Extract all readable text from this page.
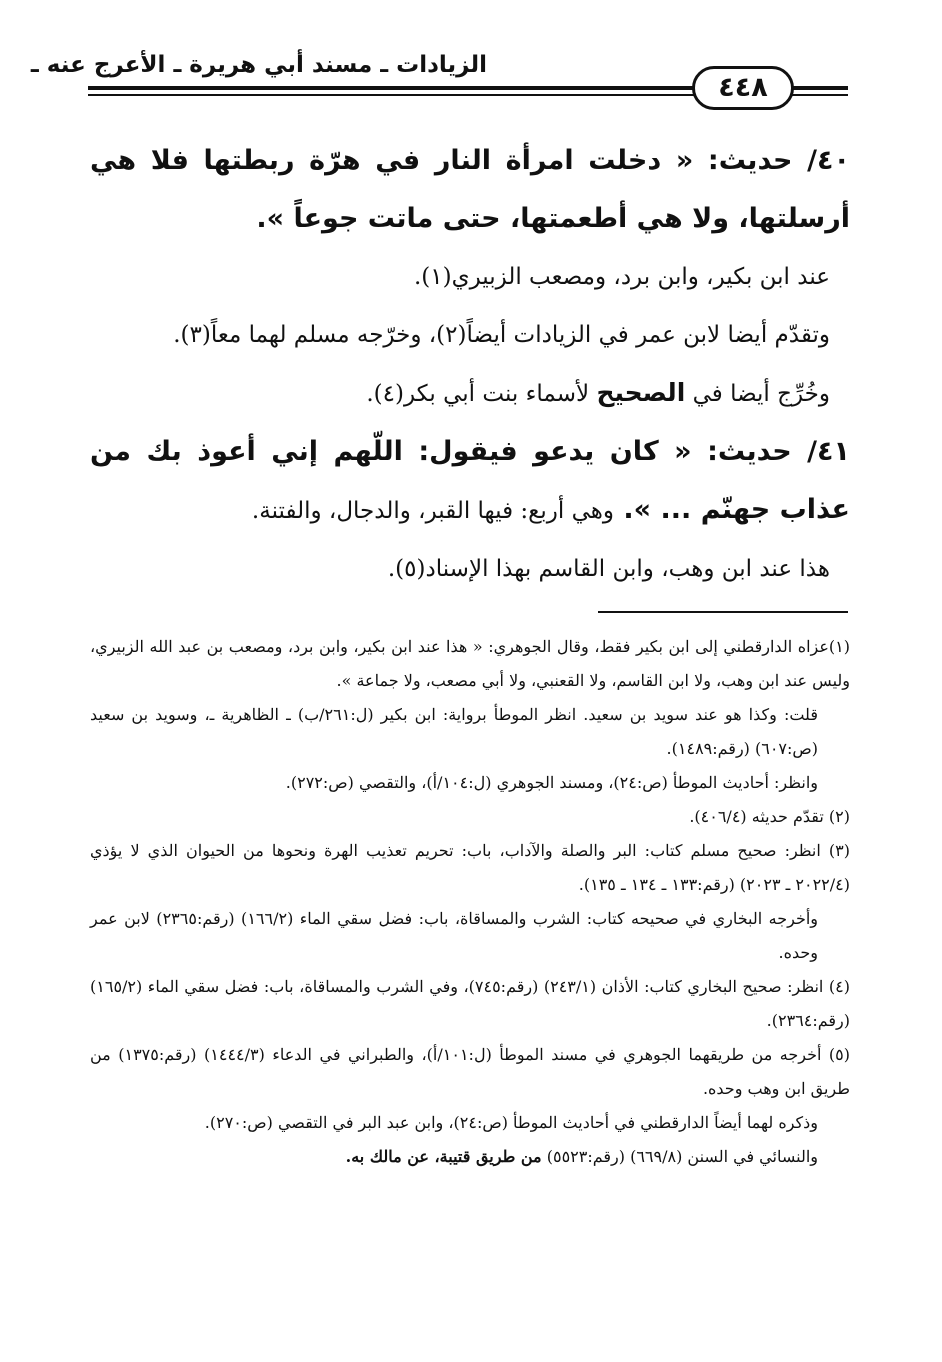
الزيادات ـ مسند أبي هريرة ـ الأعرج عنه ـ
٤٤٨

٤٠/ حديث: « دخلت امرأة النار في هرّة ربطتها فلا هي أرسلتها، ولا هي أطعمتها، حتى ماتت جوعاً ».

عند ابن بكير، وابن برد، ومصعب الزبيري(١).

وتقدّم أيضا لابن عمر في الزيادات أيضاً(٢)، وخرّجه مسلم لهما معاً(٣).

وخُرِّج أيضا في الصحيح لأسماء بنت أبي بكر(٤).

٤١/ حديث: « كان يدعو فيقول: اللّهم إني أعوذ بك من عذاب جهنّم ... ». وهي أربع: فيها القبر، والدجال، والفتنة.

هذا عند ابن وهب، وابن القاسم بهذا الإسناد(٥).

(١)عزاه الدارقطني إلى ابن بكير فقط، وقال الجوهري: « هذا عند ابن بكير، وابن برد، ومصعب بن عبد الله الزبيري، وليس عند ابن وهب، ولا ابن القاسم، ولا القعنبي، ولا أبي مصعب، ولا جماعة ».

قلت: وكذا هو عند سويد بن سعيد. انظر الموطأ برواية: ابن بكير (ل:٢٦١/ب) ـ الظاهرية ـ، وسويد بن سعيد (ص:٦٠٧) (رقم:١٤٨٩).

وانظر: أحاديث الموطأ (ص:٢٤)، ومسند الجوهري (ل:١٠٤/أ)، والتقصي (ص:٢٧٢).

(٢) تقدّم حديثه (٤٠٦/٤).

(٣) انظر: صحيح مسلم كتاب: البر والصلة والآداب، باب: تحريم تعذيب الهرة ونحوها من الحيوان الذي لا يؤذي (٢٠٢٢/٤ ـ ٢٠٢٣) (رقم:١٣٣ ـ ١٣٤ ـ ١٣٥).

وأخرجه البخاري في صحيحه كتاب: الشرب والمساقاة، باب: فضل سقي الماء (١٦٦/٢) (رقم:٢٣٦٥) لابن عمر وحده.

(٤) انظر: صحيح البخاري كتاب: الأذان (٢٤٣/١) (رقم:٧٤٥)، وفي الشرب والمساقاة، باب: فضل سقي الماء (١٦٥/٢) (رقم:٢٣٦٤).

(٥) أخرجه من طريقهما الجوهري في مسند الموطأ (ل:١٠١/أ)، والطبراني في الدعاء (١٤٤٤/٣) (رقم:١٣٧٥) من طريق ابن وهب وحده.

وذكره لهما أيضاً الدارقطني في أحاديث الموطأ (ص:٢٤)، وابن عبد البر في التقصي (ص:٢٧٠).

والنسائي في السنن (٦٦٩/٨) (رقم:٥٥٢٣) من طريق قتيبة، عن مالك به.
